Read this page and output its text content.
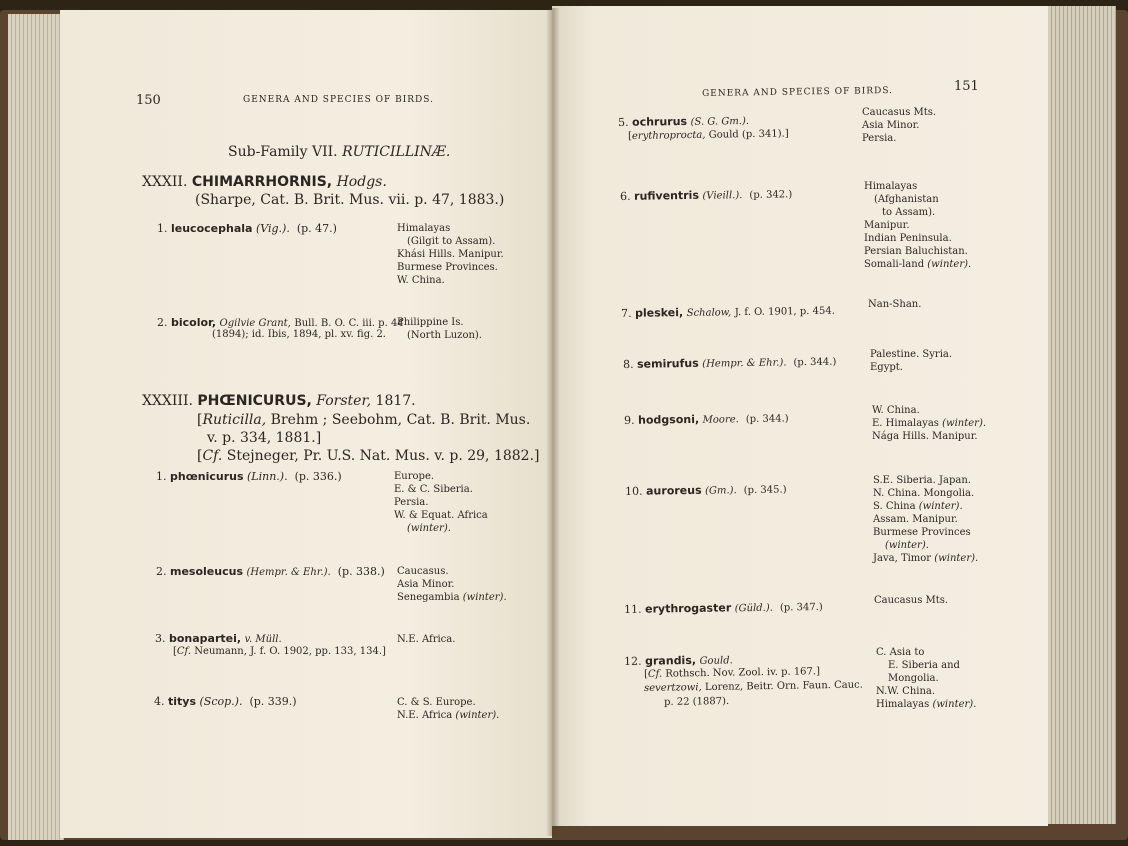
150	GENERA AND SPECIES OF BIRDS.
Sub-Family VII. RUTICILLINÆ.
XXXII. CHIMARRHORNIS, Hodgs.
(Sharpe, Cat. B. Brit. Mus. vii. p. 47, 1883.)
1. leucocephala (Vig.). (p. 47.)	Himalayas
(Gilgit to Assam).
Khási Hills. Manipur.
Burmese Provinces.
W. China.
2. bicolor, Ogilvie Grant, Bull. B. O. C. iii. p. 44
(1894); id. Ibis, 1894, pl. xv. fig. 2.
Philippine Is.
(North Luzon).
XXXIII. PHŒNICURUS, Forster, 1817.
[Ruticilla, Brehm ; Seebohm, Cat. B. Brit. Mus.
v. p. 334, 1881.]
[Cf. Stejneger, Pr. U.S. Nat. Mus. v. p. 29, 1882.]
1. phœnicurus (Linn.). (p. 336.)	Europe.
E. & C. Siberia.
Persia.
W. & Equat. Africa
(winter).
2. mesoleucus (Hempr. & Ehr.). (p. 338.) Caucasus.
Asia Minor.
Senegambia (winter).
3. bonapartei, v. Müll.
[Cf. Neumann, J. f. O. 1902, pp. 133, 134.]
N.E. Africa.
4. titys (Scop.). (p. 339.)	C. & S. Europe.
N.E. Africa (winter).
GENERA AND SPECIES OF BIRDS.	151
5. ochrurus (S. G. Gm.).
[erythroprocta, Gould (p. 341).]
Caucasus Mts.
Asia Minor.
Persia.
6. rufiventris (Vieill.). (p. 342.)
Himalayas
(Afghanistan
to Assam).
Manipur.
Indian Peninsula.
Persian Baluchistan.
Somali-land (winter).
7. pleskei, Schalow, J. f. O. 1901, p. 454.
Nan-Shan.
8. semirufus (Hempr. & Ehr.). (p. 344.)
Palestine. Syria.
Egypt.
9. hodgsoni, Moore. (p. 344.)
W. China.
E. Himalayas (winter).
Nága Hills. Manipur.
10. auroreus (Gm.). (p. 345.)
S.E. Siberia. Japan.
N. China. Mongolia.
S. China (winter).
Assam. Manipur.
Burmese Provinces
(winter).
Java, Timor (winter).
11. erythrogaster (Güld.). (p. 347.)
Caucasus Mts.
12. grandis, Gould.
[Cf. Rothsch. Nov. Zool. iv. p. 167.]
severtzowi, Lorenz, Beitr. Orn. Faun. Cauc.
p. 22 (1887).
C. Asia to
E. Siberia and
Mongolia.
N.W. China.
Himalayas (winter).
